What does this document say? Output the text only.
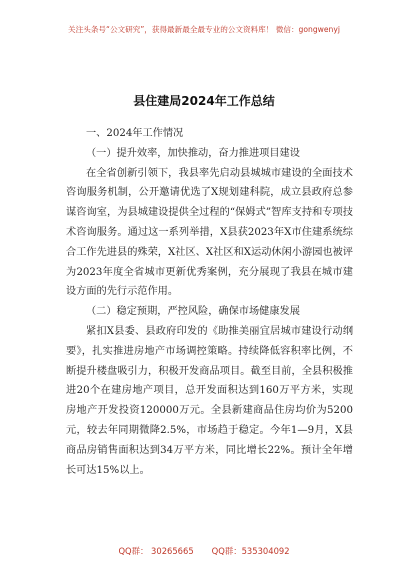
关注头条号“公文研究”，获得最新最全最专业的公文资料库！ 微信：gongwenyj
县住建局2024年工作总结

一、2024年工作情况

（一）提升效率，加快推动，奋力推进项目建设

在全省创新引领下，我县率先启动县城城市建设的全面技术咨询服务机制，公开邀请优选了X规划建科院，成立县政府总参谋咨询室，为县城建设提供全过程的“保姆式”智库支持和专项技术咨询服务。通过这一系列举措，X县获2023年X市住建系统综合工作先进县的殊荣，X社区、X社区和X运动休闲小游园也被评为2023年度全省城市更新优秀案例，充分展现了我县在城市建设方面的先行示范作用。

（二）稳定预期，严控风险，确保市场健康发展

紧扣X县委、县政府印发的《助推美丽宜居城市建设行动纲要》，扎实推进房地产市场调控策略。持续降低容积率比例，不断提升楼盘吸引力，积极开发商品项目。截至目前，全县积极推进20个在建房地产项目，总开发面积达到160万平方米，实现房地产开发投资120000万元。全县新建商品住房均价为5200元，较去年同期微降2.5%，市场趋于稳定。今年1—9月，X县商品房销售面积达到34万平方米，同比增长22%。预计全年增长可达15%以上。

QQ群： 30265665 QQ群：535304092
